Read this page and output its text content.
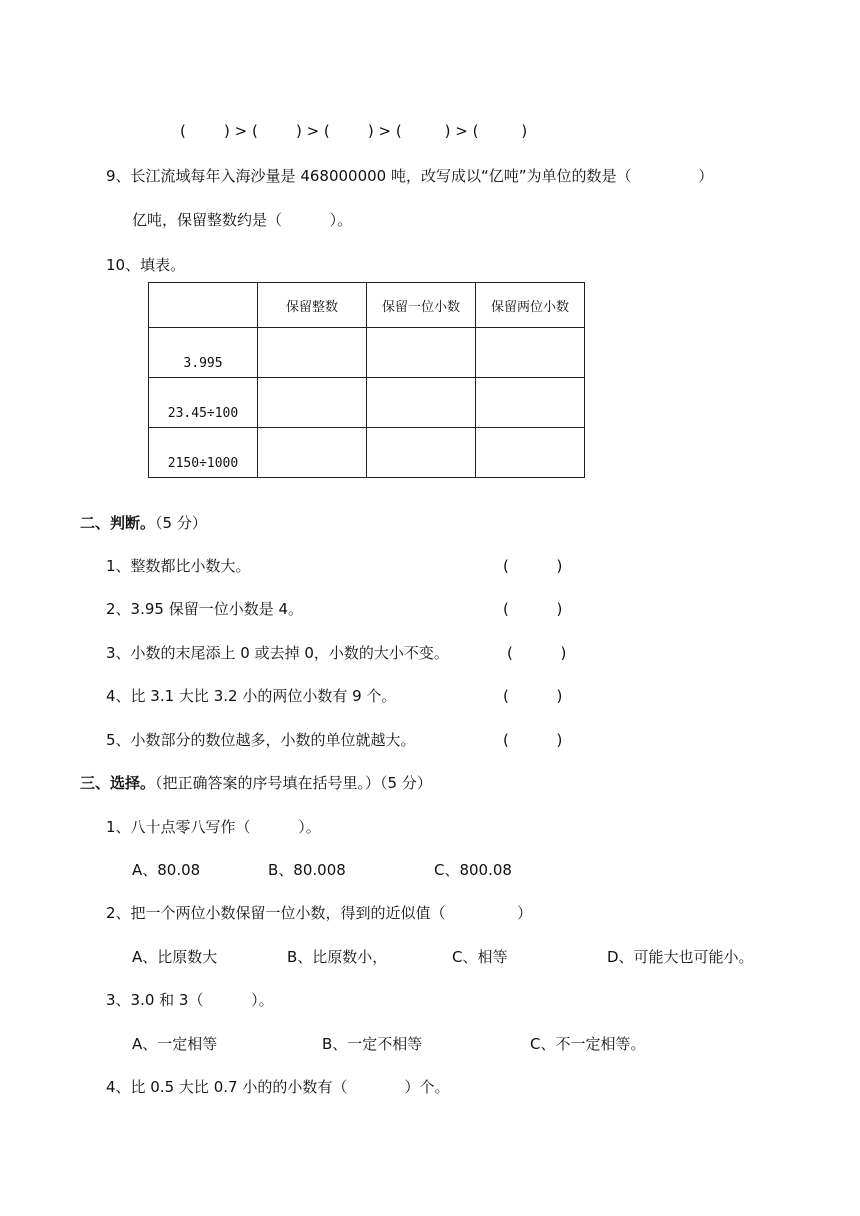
(        ) > (        ) > (        ) > (         ) > (         )
9、长江流域每年入海沙量是 468000000 吨，改写成以“亿吨”为单位的数是（              ）
亿吨，保留整数约是（          ）。
10、填表。
	保留整数	保留一位小数	保留两位小数
3.995			
23.45÷100			
2150÷1000			
二、判断。（5 分）
1、整数都比小数大。	(          )
2、3.95 保留一位小数是 4。	(          )
3、小数的末尾添上 0 或去掉 0，小数的大小不变。	(          )
4、比 3.1 大比 3.2 小的两位小数有 9 个。	(          )
5、小数部分的数位越多，小数的单位就越大。	(          )
三、选择。（把正确答案的序号填在括号里。）（5 分）
1、八十点零八写作（          ）。
A、80.08	B、80.008	C、800.08
2、把一个两位小数保留一位小数，得到的近似值（               ）
A、比原数大	B、比原数小，	C、相等	D、可能大也可能小。
3、3.0 和 3（          ）。
A、一定相等	B、一定不相等	C、不一定相等。
4、比 0.5 大比 0.7 小的的小数有（            ）个。
